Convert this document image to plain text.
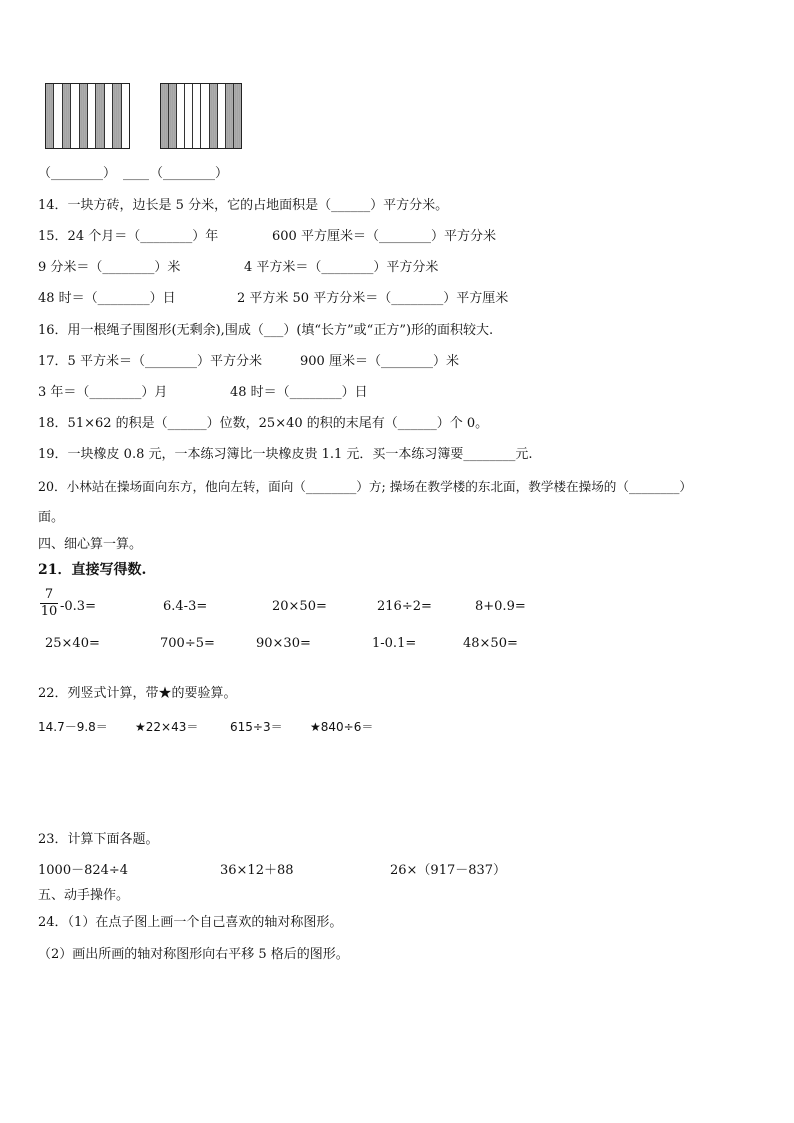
（________） ____ （________）
14．一块方砖，边长是 5 分米，它的占地面积是（______）平方分米。
15．24 个月＝（________）年	600 平方厘米＝（________）平方分米
9 分米＝（________）米	4 平方米＝（________）平方分米
48 时＝（________）日	2 平方米 50 平方分米＝（________）平方厘米
16．用一根绳子围图形(无剩余),围成（___）(填“长方”或“正方”)形的面积较大.
17．5 平方米＝（________）平方分米	900 厘米＝（________）米
3 年＝（________）月	48 时＝（________）日
18．51×62 的积是（______）位数，25×40 的积的末尾有（______）个 0。
19．一块橡皮 0.8 元，一本练习簿比一块橡皮贵 1.1 元．买一本练习簿要________元.
20．小林站在操场面向东方，他向左转，面向（________）方; 操场在教学楼的东北面，教学楼在操场的（________）
面。
四、细心算一算。
21．直接写得数.
7
10 -0.3=	6.4-3=	20×50=	216÷2=	8+0.9=
25×40=	700÷5=	90×30=	1-0.1=	48×50=
22．列竖式计算，带★的要验算。
14.7－9.8＝ ★22×43＝	615÷3＝ ★840÷6＝
23．计算下面各题。
1000－824÷4	36×12＋88	26×（917－837）
五、动手操作。
24．（1）在点子图上画一个自己喜欢的轴对称图形。
（2）画出所画的轴对称图形向右平移 5 格后的图形。
